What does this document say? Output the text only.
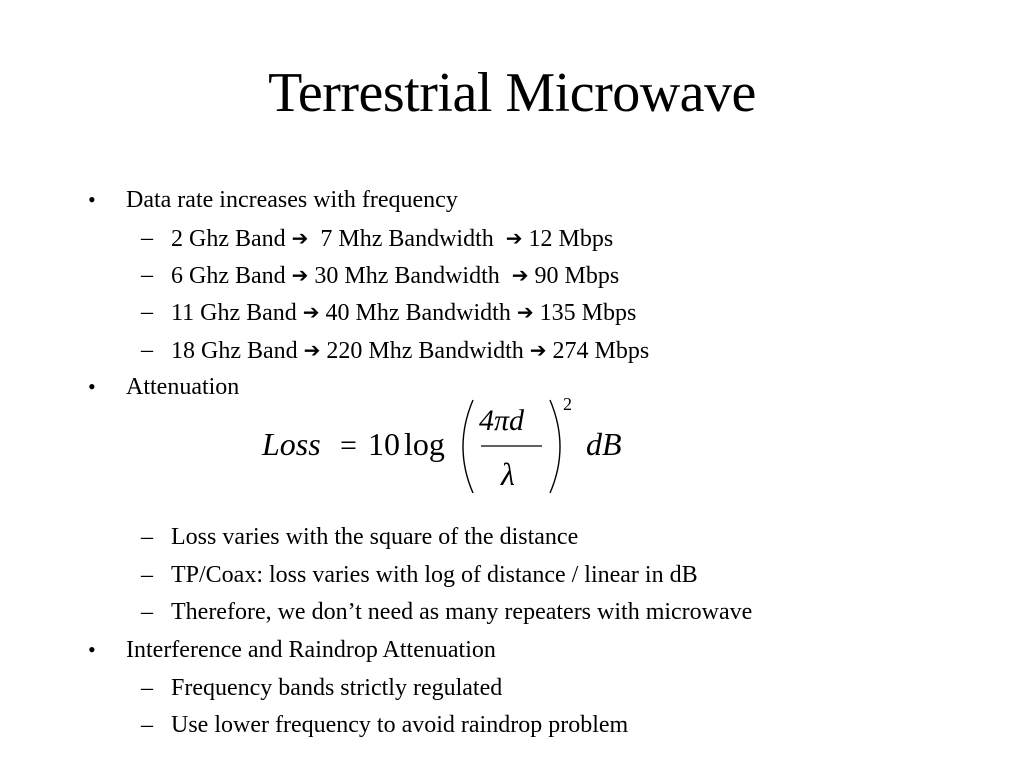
Terrestrial Microwave
•	Data rate increases with frequency
– 2 Ghz Band ➔ 7 Mhz Bandwidth ➔ 12 Mbps
– 6 Ghz Band ➔ 30 Mhz Bandwidth ➔ 90 Mbps
– 11 Ghz Band ➔ 40 Mhz Bandwidth ➔ 135 Mbps
– 18 Ghz Band ➔ 220 Mhz Bandwidth ➔ 274 Mbps
•	Attenuation
Loss = 10 log
4πd
λ
2
dB
– Loss varies with the square of the distance
– TP/Coax: loss varies with log of distance / linear in dB
– Therefore, we don’t need as many repeaters with microwave
•	Interference and Raindrop Attenuation
– Frequency bands strictly regulated
– Use lower frequency to avoid raindrop problem
